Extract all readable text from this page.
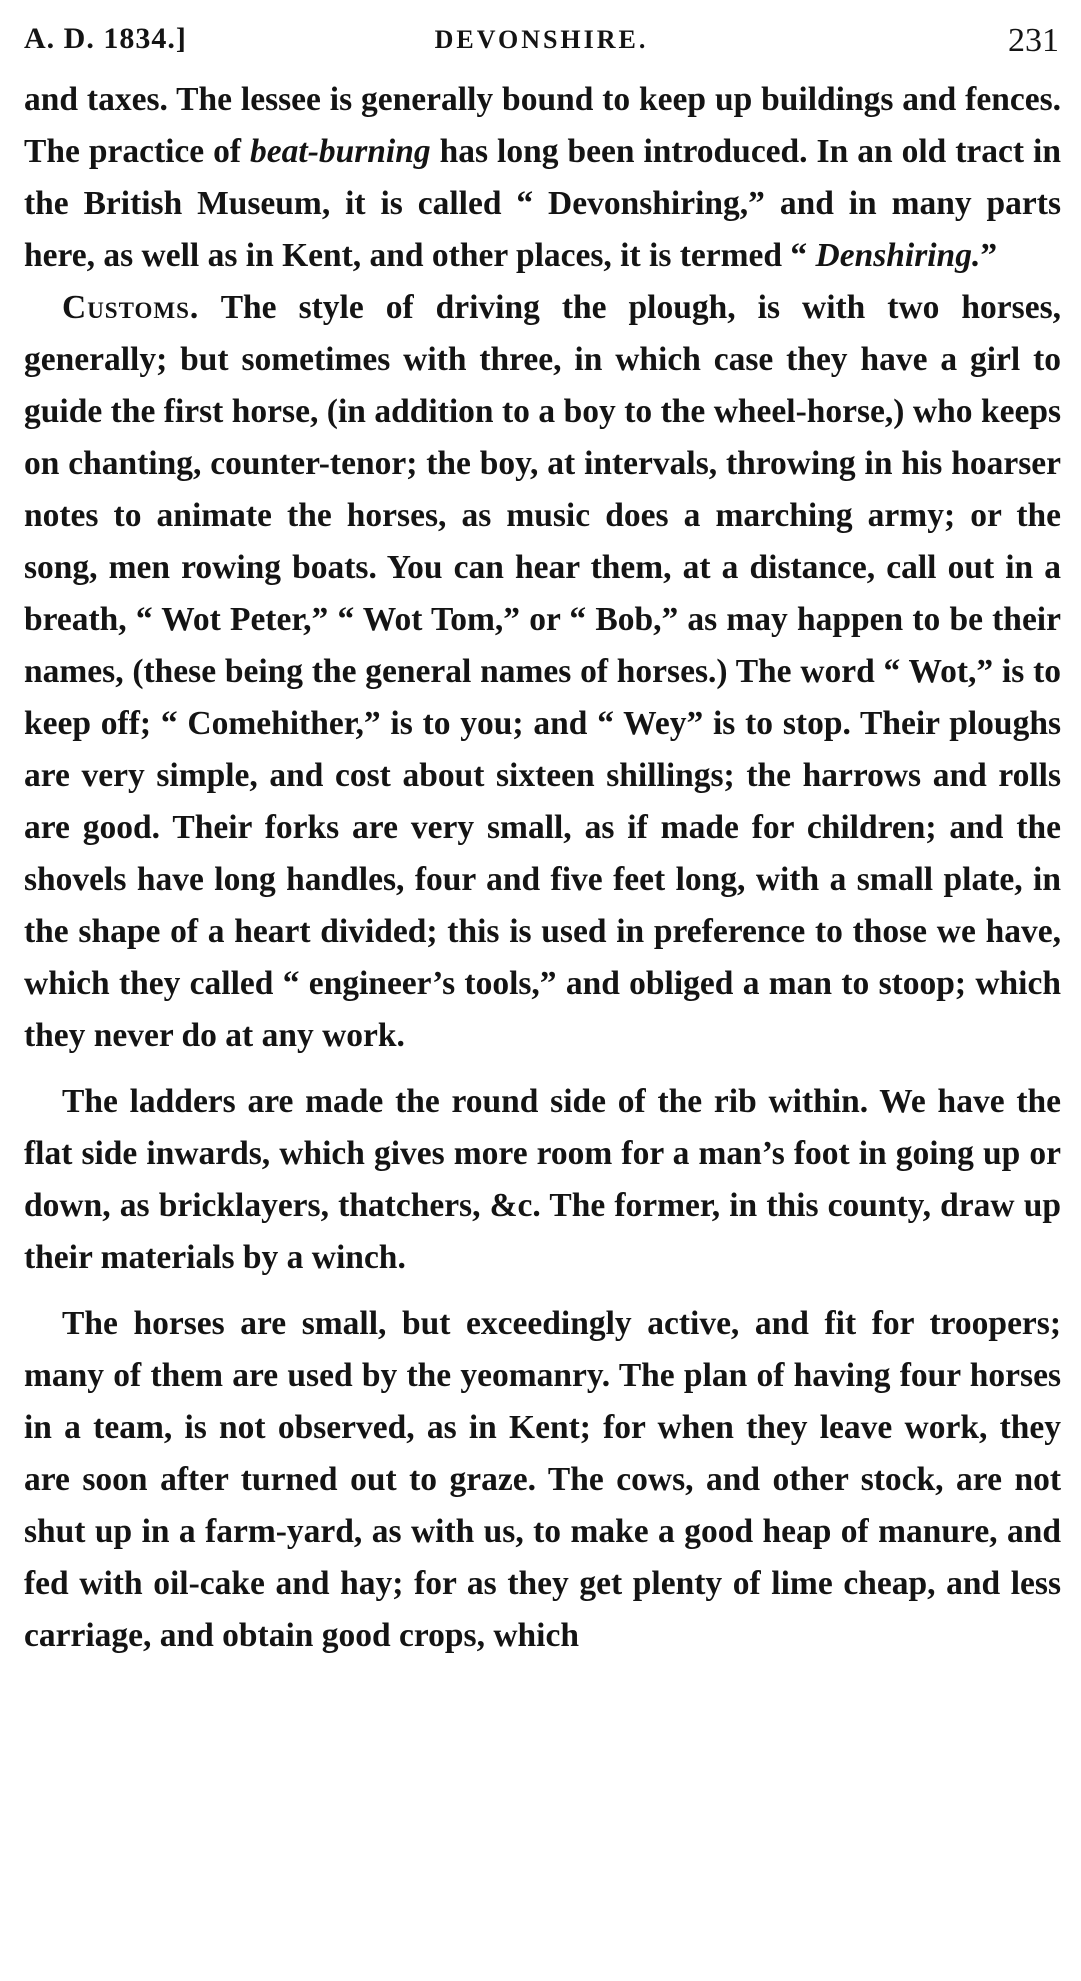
A. D. 1834.]	DEVONSHIRE.	231

and taxes. The lessee is generally bound to keep up buildings and fences. The practice of beat-burning has long been introduced. In an old tract in the British Museum, it is called “ Devonshiring,” and in many parts here, as well as in Kent, and other places, it is termed “ Denshiring.”

Customs. The style of driving the plough, is with two horses, generally; but sometimes with three, in which case they have a girl to guide the first horse, (in addition to a boy to the wheel-horse,) who keeps on chanting, counter-tenor; the boy, at intervals, throwing in his hoarser notes to animate the horses, as music does a marching army; or the song, men rowing boats. You can hear them, at a distance, call out in a breath, “ Wot Peter,” “ Wot Tom,” or “ Bob,” as may happen to be their names, (these being the general names of horses.) The word “ Wot,” is to keep off; “ Comehither,” is to you; and “ Wey” is to stop. Their ploughs are very simple, and cost about sixteen shillings; the harrows and rolls are good. Their forks are very small, as if made for children; and the shovels have long handles, four and five feet long, with a small plate, in the shape of a heart divided; this is used in preference to those we have, which they called “ engineer’s tools,” and obliged a man to stoop; which they never do at any work.

The ladders are made the round side of the rib within. We have the flat side inwards, which gives more room for a man’s foot in going up or down, as bricklayers, thatchers, &c. The former, in this county, draw up their materials by a winch.

The horses are small, but exceedingly active, and fit for troopers; many of them are used by the yeomanry. The plan of having four horses in a team, is not observed, as in Kent; for when they leave work, they are soon after turned out to graze. The cows, and other stock, are not shut up in a farm-yard, as with us, to make a good heap of manure, and fed with oil-cake and hay; for as they get plenty of lime cheap, and less carriage, and obtain good crops, which
